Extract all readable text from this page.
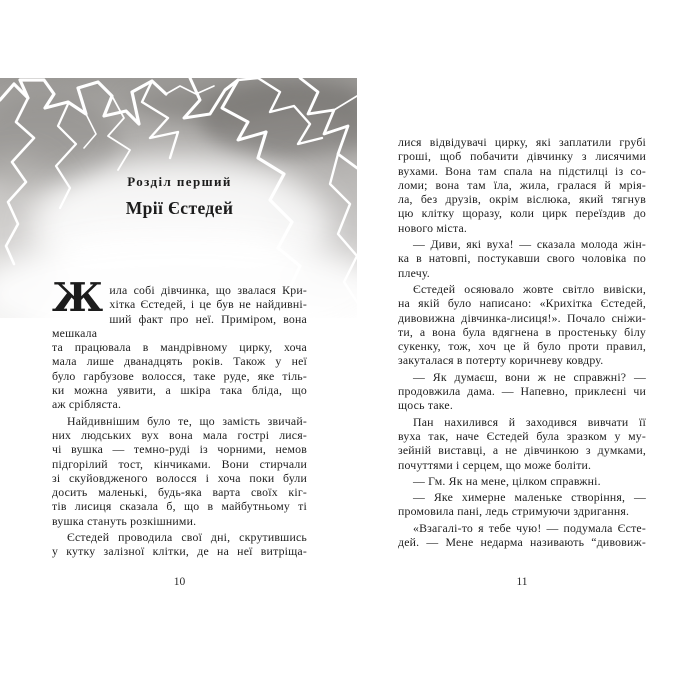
Розділ перший
Мрії Єстедей

Ж ила собі дівчинка, що звалася Кри-
хітка Єстедей, і це був не найдивні-
ший факт про неї. Приміром, вона мешкала
та працювала в мандрівному цирку, хоча
мала лише дванадцять років. Також у неї
було гарбузове волосся, таке руде, яке тіль-
ки можна уявити, а шкіра така бліда, що
аж срібляста.

Найдивнішим було те, що замість звичай-
них людських вух вона мала гострі лися-
чі вушка — темно-руді із чорними, немов
підгорілий тост, кінчиками. Вони стирчали
зі скуйовдженого волосся і хоча поки були
досить маленькі, будь-яка варта своїх кіг-
тів лисиця сказала б, що в майбутньому ті
вушка стануть розкішними.

Єстедей проводила свої дні, скрутившись
у кутку залізної клітки, де на неї витріща-

10

лися відвідувачі цирку, які заплатили грубі
гроші, щоб побачити дівчинку з лисячими
вухами. Вона там спала на підстилці із со-
ломи; вона там їла, жила, гралася й мрія-
ла, без друзів, окрім віслюка, який тягнув
цю клітку щоразу, коли цирк переїздив до
нового міста.

— Диви, які вуха! — сказала молода жін-
ка в натовпі, постукавши свого чоловіка по
плечу.

Єстедей осяювало жовте світло вивіски,
на якій було написано: «Крихітка Єстедей,
дивовижна дівчинка-лисиця!». Почало сніжи-
ти, а вона була вдягнена в простеньку білу
сукенку, тож, хоч це й було проти правил,
закуталася в потерту коричневу ковдру.

— Як думаєш, вони ж не справжні? —
продовжила дама. — Напевно, приклеєні чи
щось таке.

Пан нахилився й заходився вивчати її
вуха так, наче Єстедей була зразком у му-
зейній виставці, а не дівчинкою з думками,
почуттями і серцем, що може боліти.

— Гм. Як на мене, цілком справжні.

— Яке химерне маленьке створіння, —
промовила пані, ледь стримуючи здригання.

«Взагалі-то я тебе чую! — подумала Єсте-
дей. — Мене недарма називають “дивовиж-

11
